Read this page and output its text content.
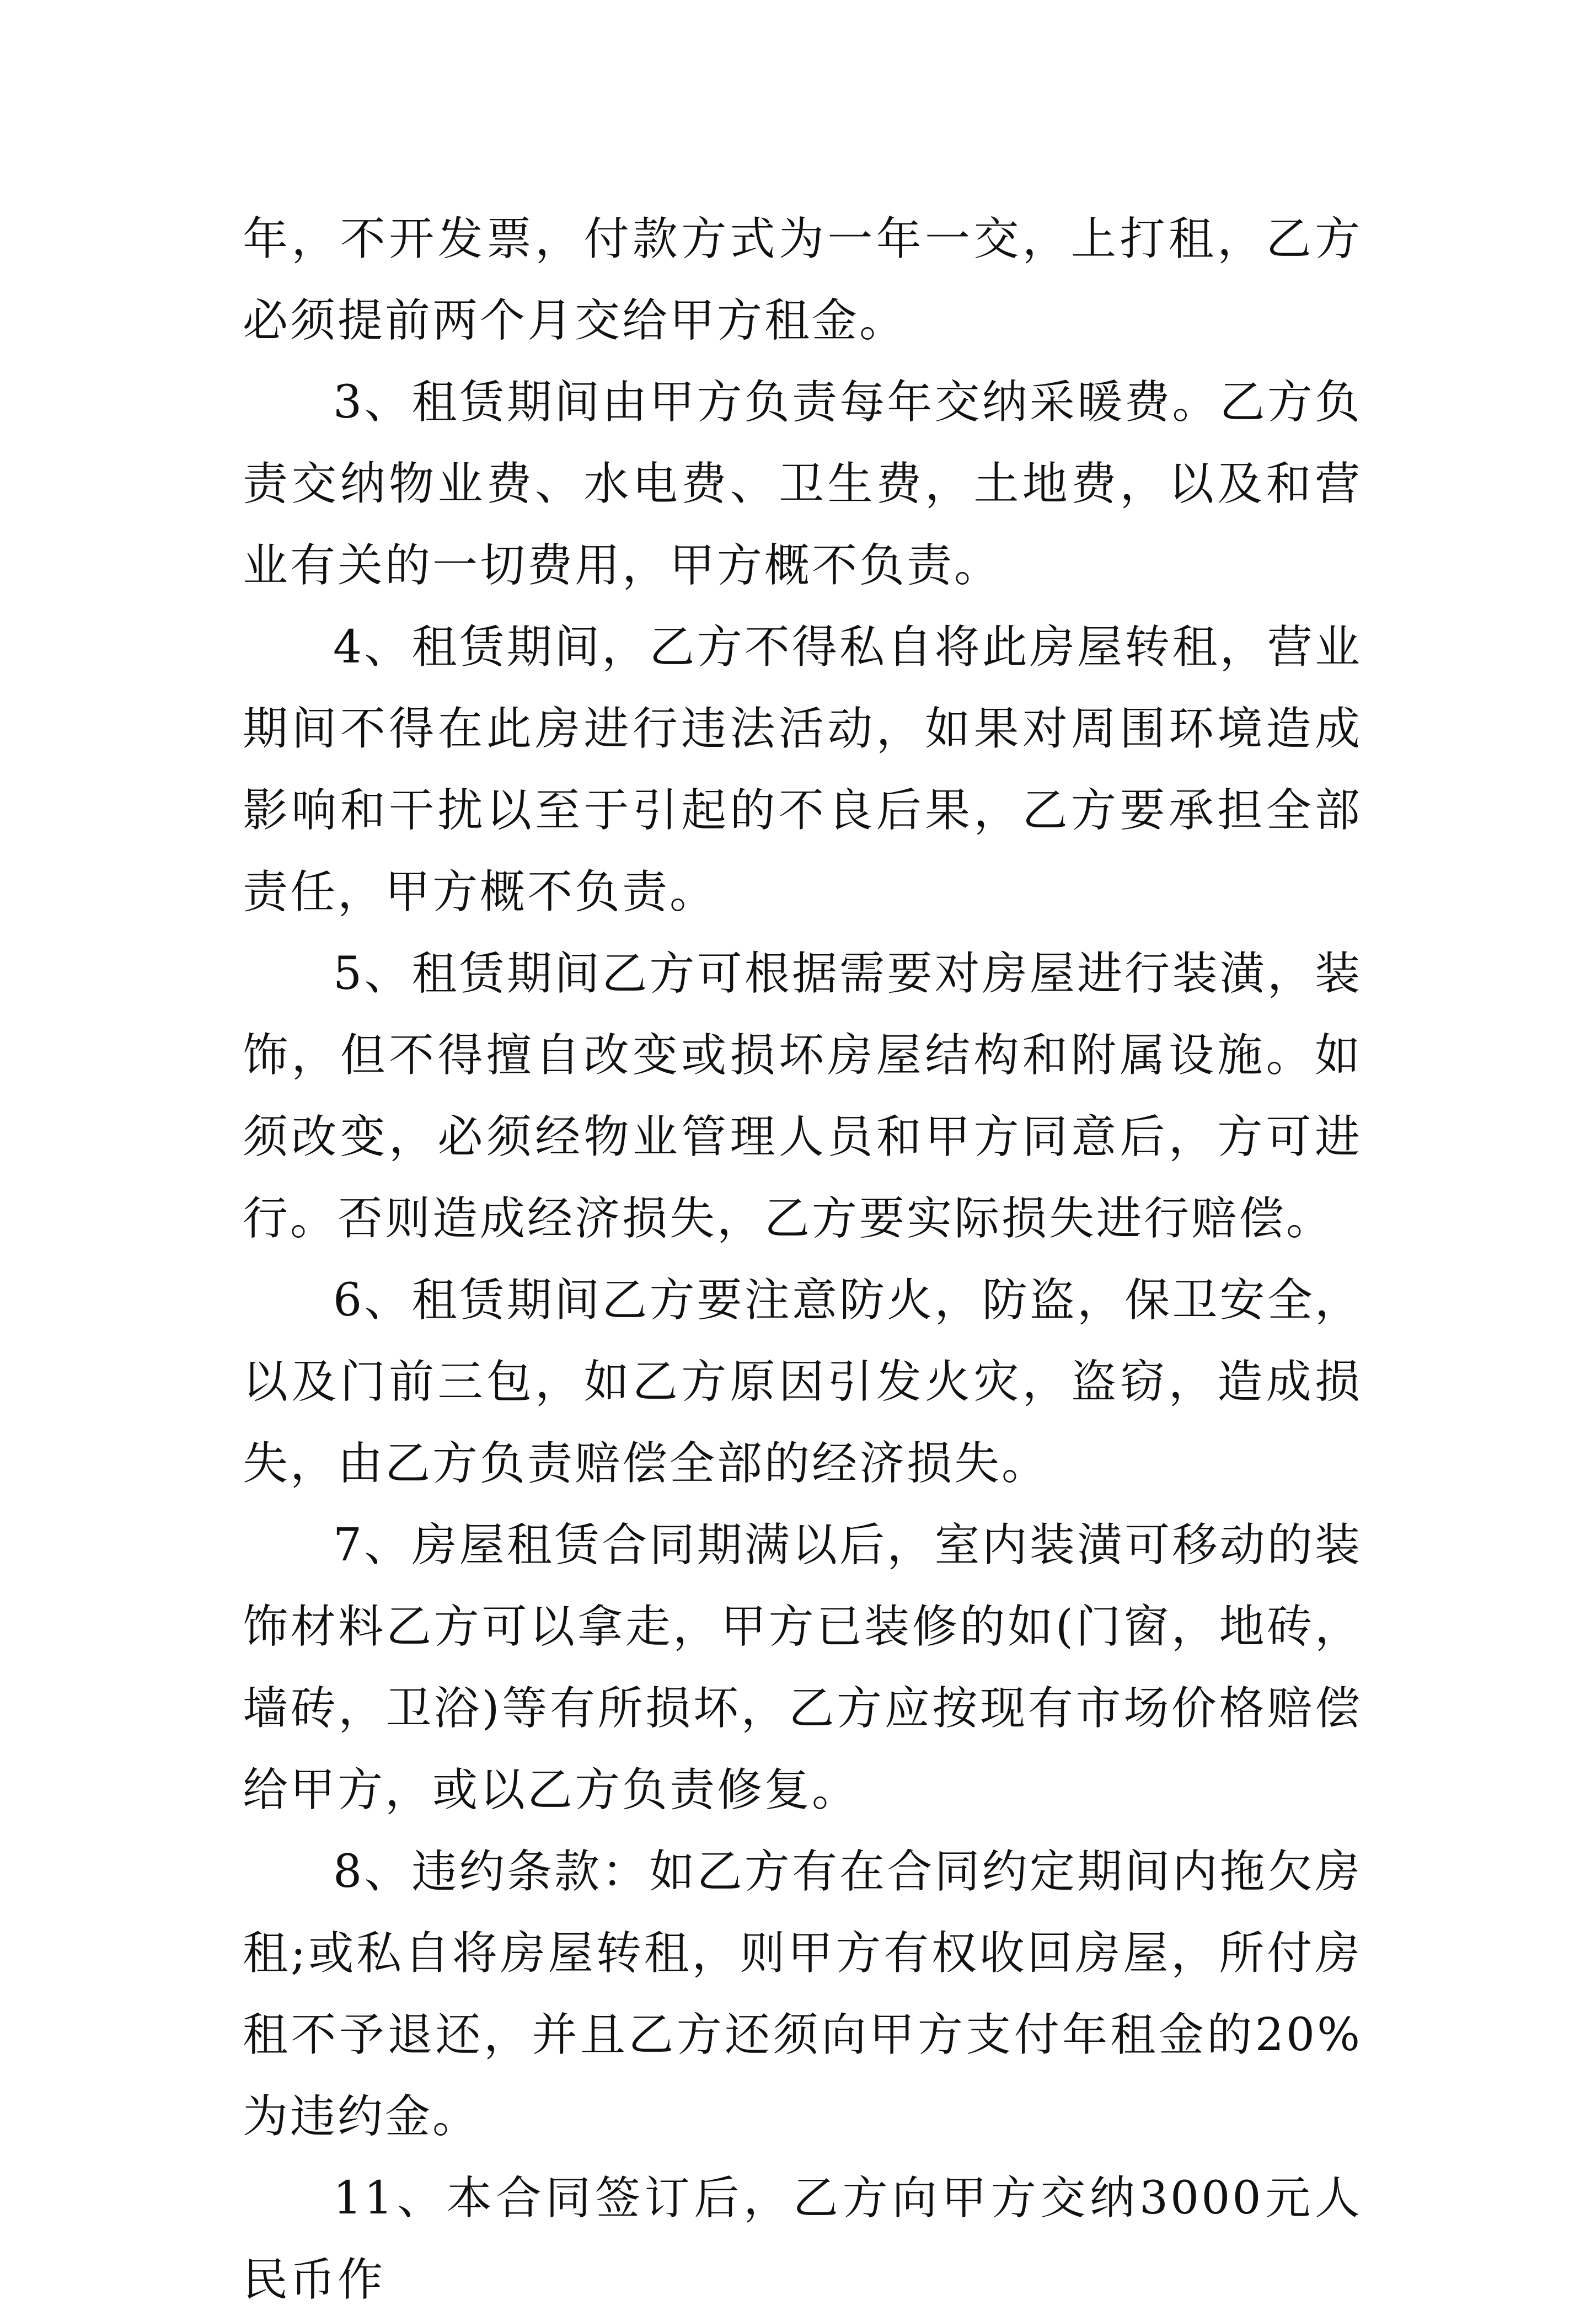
年，不开发票，付款方式为一年一交，上打租，乙方必须提前两个月交给甲方租金。

3、租赁期间由甲方负责每年交纳采暖费。乙方负责交纳物业费、水电费、卫生费，土地费，以及和营业有关的一切费用，甲方概不负责。

4、租赁期间，乙方不得私自将此房屋转租，营业期间不得在此房进行违法活动，如果对周围环境造成影响和干扰以至于引起的不良后果，乙方要承担全部责任，甲方概不负责。

5、租赁期间乙方可根据需要对房屋进行装潢，装饰，但不得擅自改变或损坏房屋结构和附属设施。如须改变，必须经物业管理人员和甲方同意后，方可进行。否则造成经济损失，乙方要实际损失进行赔偿。

6、租赁期间乙方要注意防火，防盗，保卫安全，以及门前三包，如乙方原因引发火灾，盗窃，造成损失，由乙方负责赔偿全部的经济损失。

7、房屋租赁合同期满以后，室内装潢可移动的装饰材料乙方可以拿走，甲方已装修的如(门窗，地砖，墙砖，卫浴)等有所损坏，乙方应按现有市场价格赔偿给甲方，或以乙方负责修复。

8、违约条款：如乙方有在合同约定期间内拖欠房租;或私自将房屋转租，则甲方有权收回房屋，所付房租不予退还，并且乙方还须向甲方支付年租金的20%为违约金。

11、本合同签订后，乙方向甲方交纳3000元人民币作
